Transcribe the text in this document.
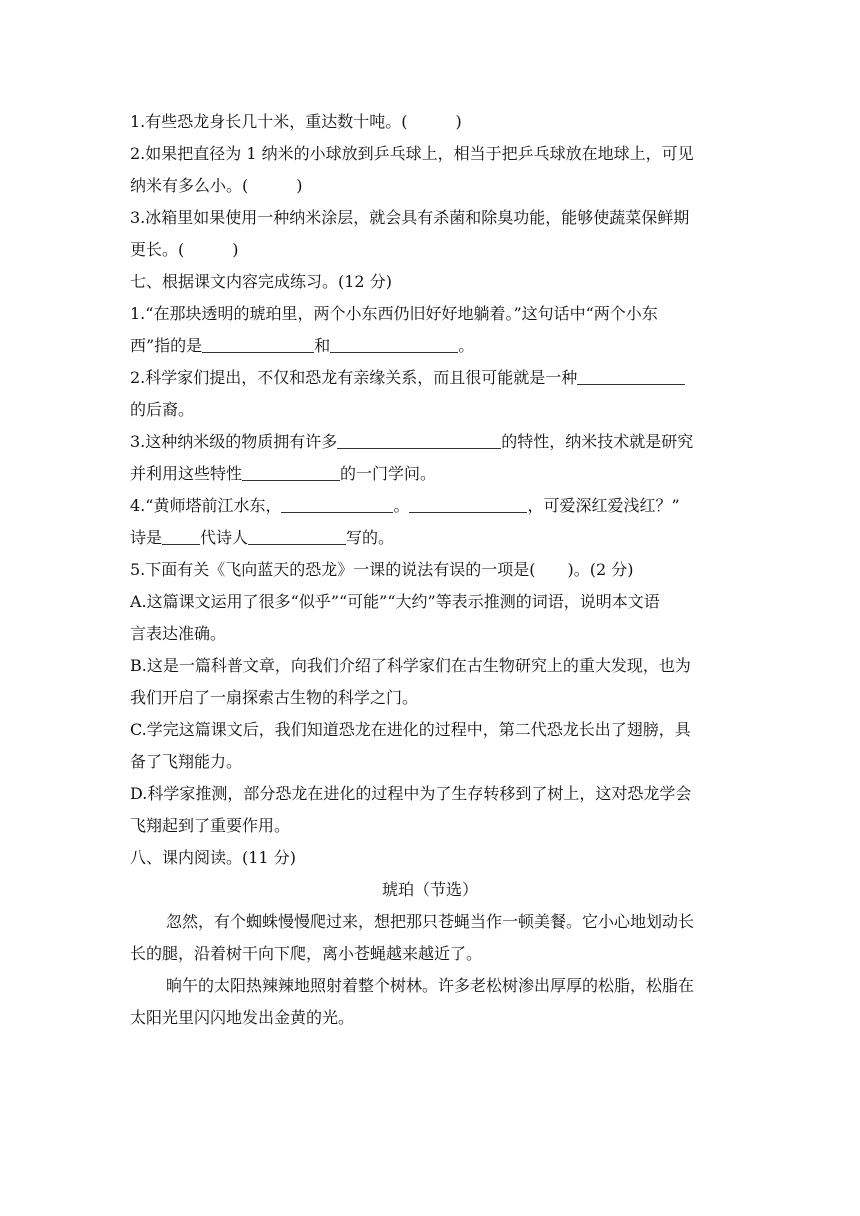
1.有些恐龙身长几十米，重达数十吨。(　　　)
2.如果把直径为 1 纳米的小球放到乒乓球上，相当于把乒乓球放在地球上，可见
纳米有多么小。(　　　)
3.冰箱里如果使用一种纳米涂层，就会具有杀菌和除臭功能，能够使蔬菜保鲜期
更长。(　　　)
七、根据课文内容完成练习。(12 分)
1.“在那块透明的琥珀里，两个小东西仍旧好好地躺着。”这句话中“两个小东
西”指的是	和	。
2.科学家们提出，不仅和恐龙有亲缘关系，而且很可能就是一种
的后裔。
3.这种纳米级的物质拥有许多	的特性，纳米技术就是研究
并利用这些特性	的一门学问。
4.“黄师塔前江水东，	。	，可爱深红爱浅红？”
诗是 代诗人	写的。
5.下面有关《飞向蓝天的恐龙》一课的说法有误的一项是(　　)。(2 分)
A.这篇课文运用了很多“似乎”“可能”“大约”等表示推测的词语，说明本文语
言表达准确。
B.这是一篇科普文章，向我们介绍了科学家们在古生物研究上的重大发现，也为
我们开启了一扇探索古生物的科学之门。
C.学完这篇课文后，我们知道恐龙在进化的过程中，第二代恐龙长出了翅膀，具
备了飞翔能力。
D.科学家推测，部分恐龙在进化的过程中为了生存转移到了树上，这对恐龙学会
飞翔起到了重要作用。
八、课内阅读。(11 分)
琥珀（节选）
忽然，有个蜘蛛慢慢爬过来，想把那只苍蝇当作一顿美餐。它小心地划动长
长的腿，沿着树干向下爬，离小苍蝇越来越近了。
晌午的太阳热辣辣地照射着整个树林。许多老松树渗出厚厚的松脂，松脂在
太阳光里闪闪地发出金黄的光。
